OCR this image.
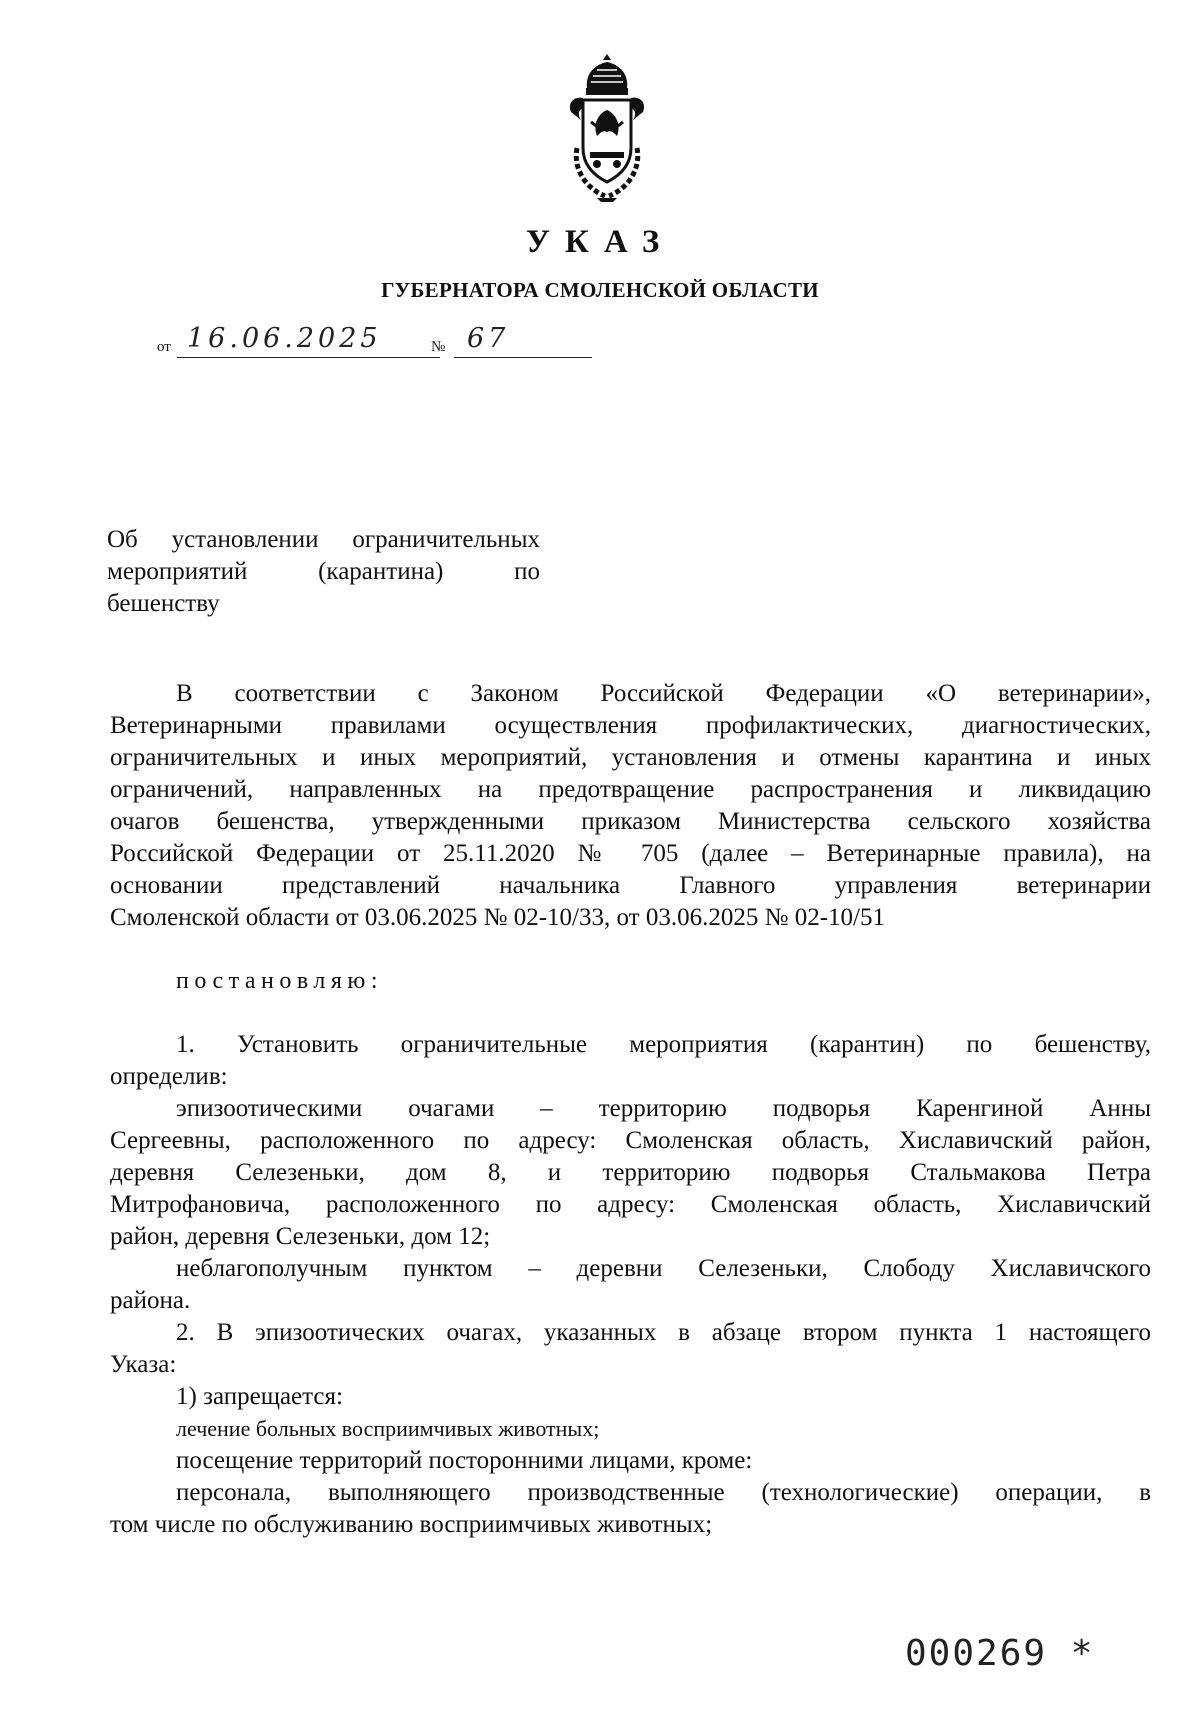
УКАЗ
ГУБЕРНАТОРА СМОЛЕНСКОЙ ОБЛАСТИ
от 16.06.2025	№ 67
Об установлении ограничительных
мероприятий (карантина) по
бешенству
В соответствии с Законом Российской Федерации «О ветеринарии»,
Ветеринарными правилами осуществления профилактических, диагностических,
ограничительных и иных мероприятий, установления и отмены карантина и иных
ограничений, направленных на предотвращение распространения и ликвидацию
очагов бешенства, утвержденными приказом Министерства сельского хозяйства
Российской Федерации от 25.11.2020 № 705 (далее – Ветеринарные правила), на
основании представлений начальника Главного управления ветеринарии
Смоленской области от 03.06.2025 № 02-10/33, от 03.06.2025 № 02-10/51
постановляю:
1. Установить ограничительные мероприятия (карантин) по бешенству,
определив:
эпизоотическими очагами – территорию подворья Каренгиной Анны
Сергеевны, расположенного по адресу: Смоленская область, Хиславичский район,
деревня Селезеньки, дом 8, и территорию подворья Стальмакова Петра
Митрофановича, расположенного по адресу: Смоленская область, Хиславичский
район, деревня Селезеньки, дом 12;
неблагополучным пунктом – деревни Селезеньки, Слободу Хиславичского
района.
2. В эпизоотических очагах, указанных в абзаце втором пункта 1 настоящего
Указа:
1) запрещается:
лечение больных восприимчивых животных;
посещение территорий посторонними лицами, кроме:
персонала, выполняющего производственные (технологические) операции, в
том числе по обслуживанию восприимчивых животных;
000269 *
